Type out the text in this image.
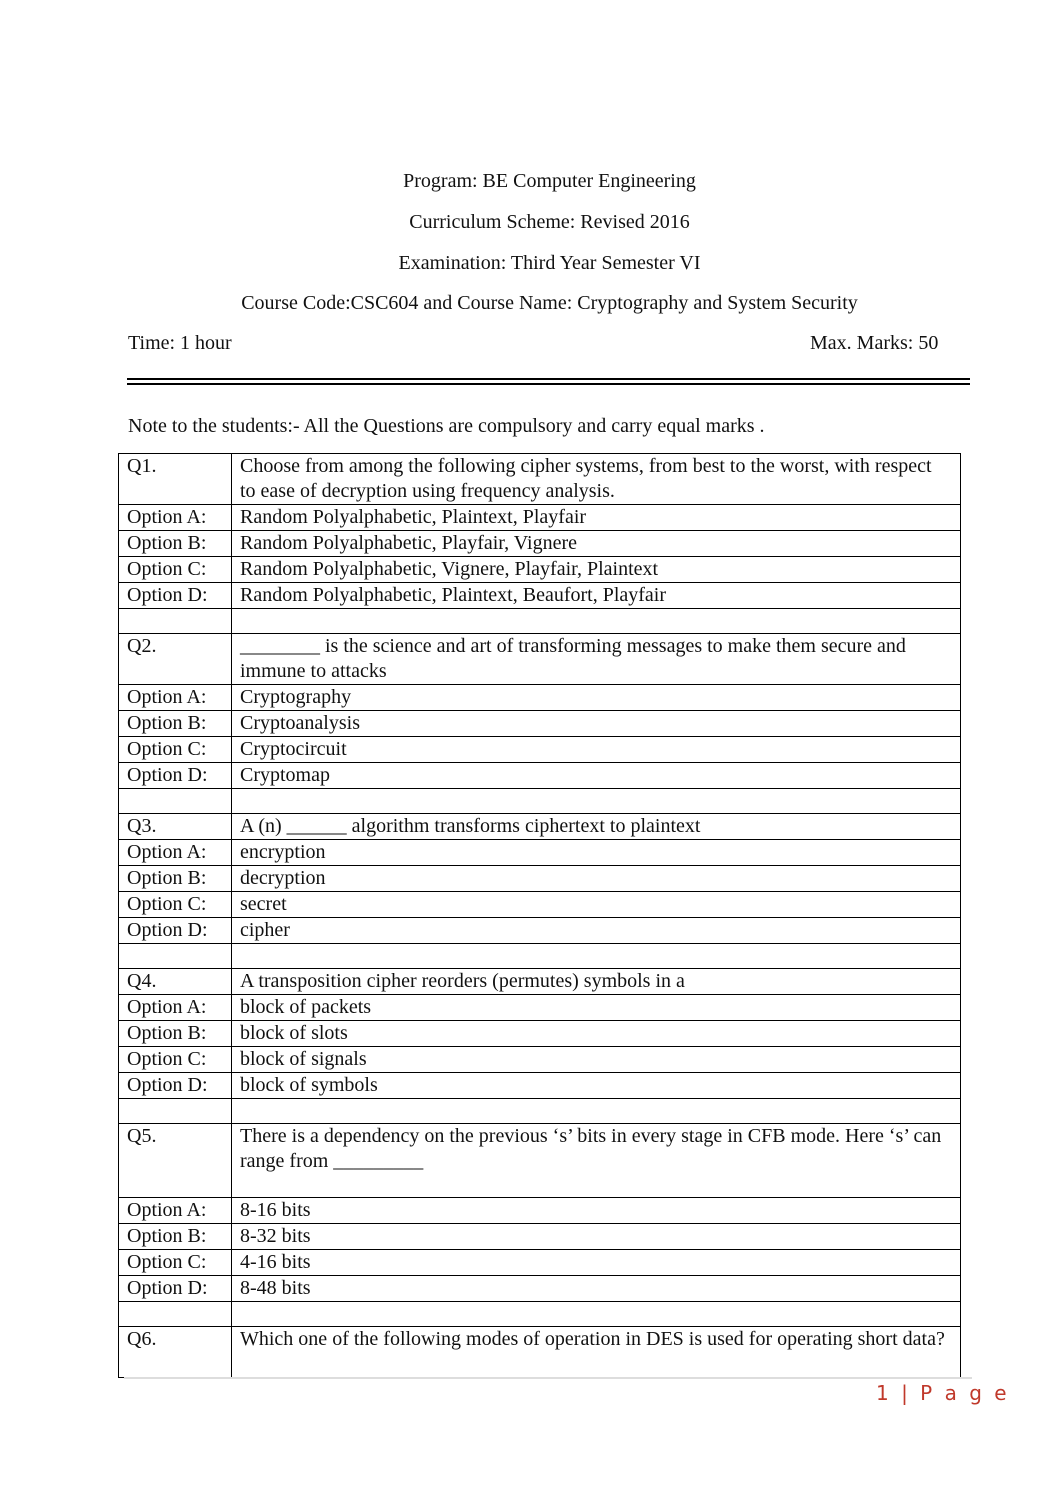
Program: BE Computer Engineering
Curriculum Scheme: Revised 2016
Examination: Third Year Semester VI
Course Code:CSC604 and Course Name: Cryptography and System Security
Time: 1 hour	Max. Marks: 50
Note to the students:- All the Questions are compulsory and carry equal marks .
Q1.	Choose from among the following cipher systems, from best to the worst, with respect to ease of decryption using frequency analysis.
Option A:	Random Polyalphabetic, Plaintext, Playfair
Option B:	Random Polyalphabetic, Playfair, Vignere
Option C:	Random Polyalphabetic, Vignere, Playfair, Plaintext
Option D:	Random Polyalphabetic, Plaintext, Beaufort, Playfair

Q2.	________ is the science and art of transforming messages to make them secure and immune to attacks
Option A:	Cryptography
Option B:	Cryptoanalysis
Option C:	Cryptocircuit
Option D:	Cryptomap

Q3.	A (n) ______ algorithm transforms ciphertext to plaintext
Option A:	encryption
Option B:	decryption
Option C:	secret
Option D:	cipher

Q4.	A transposition cipher reorders (permutes) symbols in a
Option A:	block of packets
Option B:	block of slots
Option C:	block of signals
Option D:	block of symbols

Q5.	There is a dependency on the previous ‘s’ bits in every stage in CFB mode. Here ‘s’ can range from _________
Option A:	8-16 bits
Option B:	8-32 bits
Option C:	4-16 bits
Option D:	8-48 bits

Q6.	Which one of the following modes of operation in DES is used for operating short data?
1 | P a g e
